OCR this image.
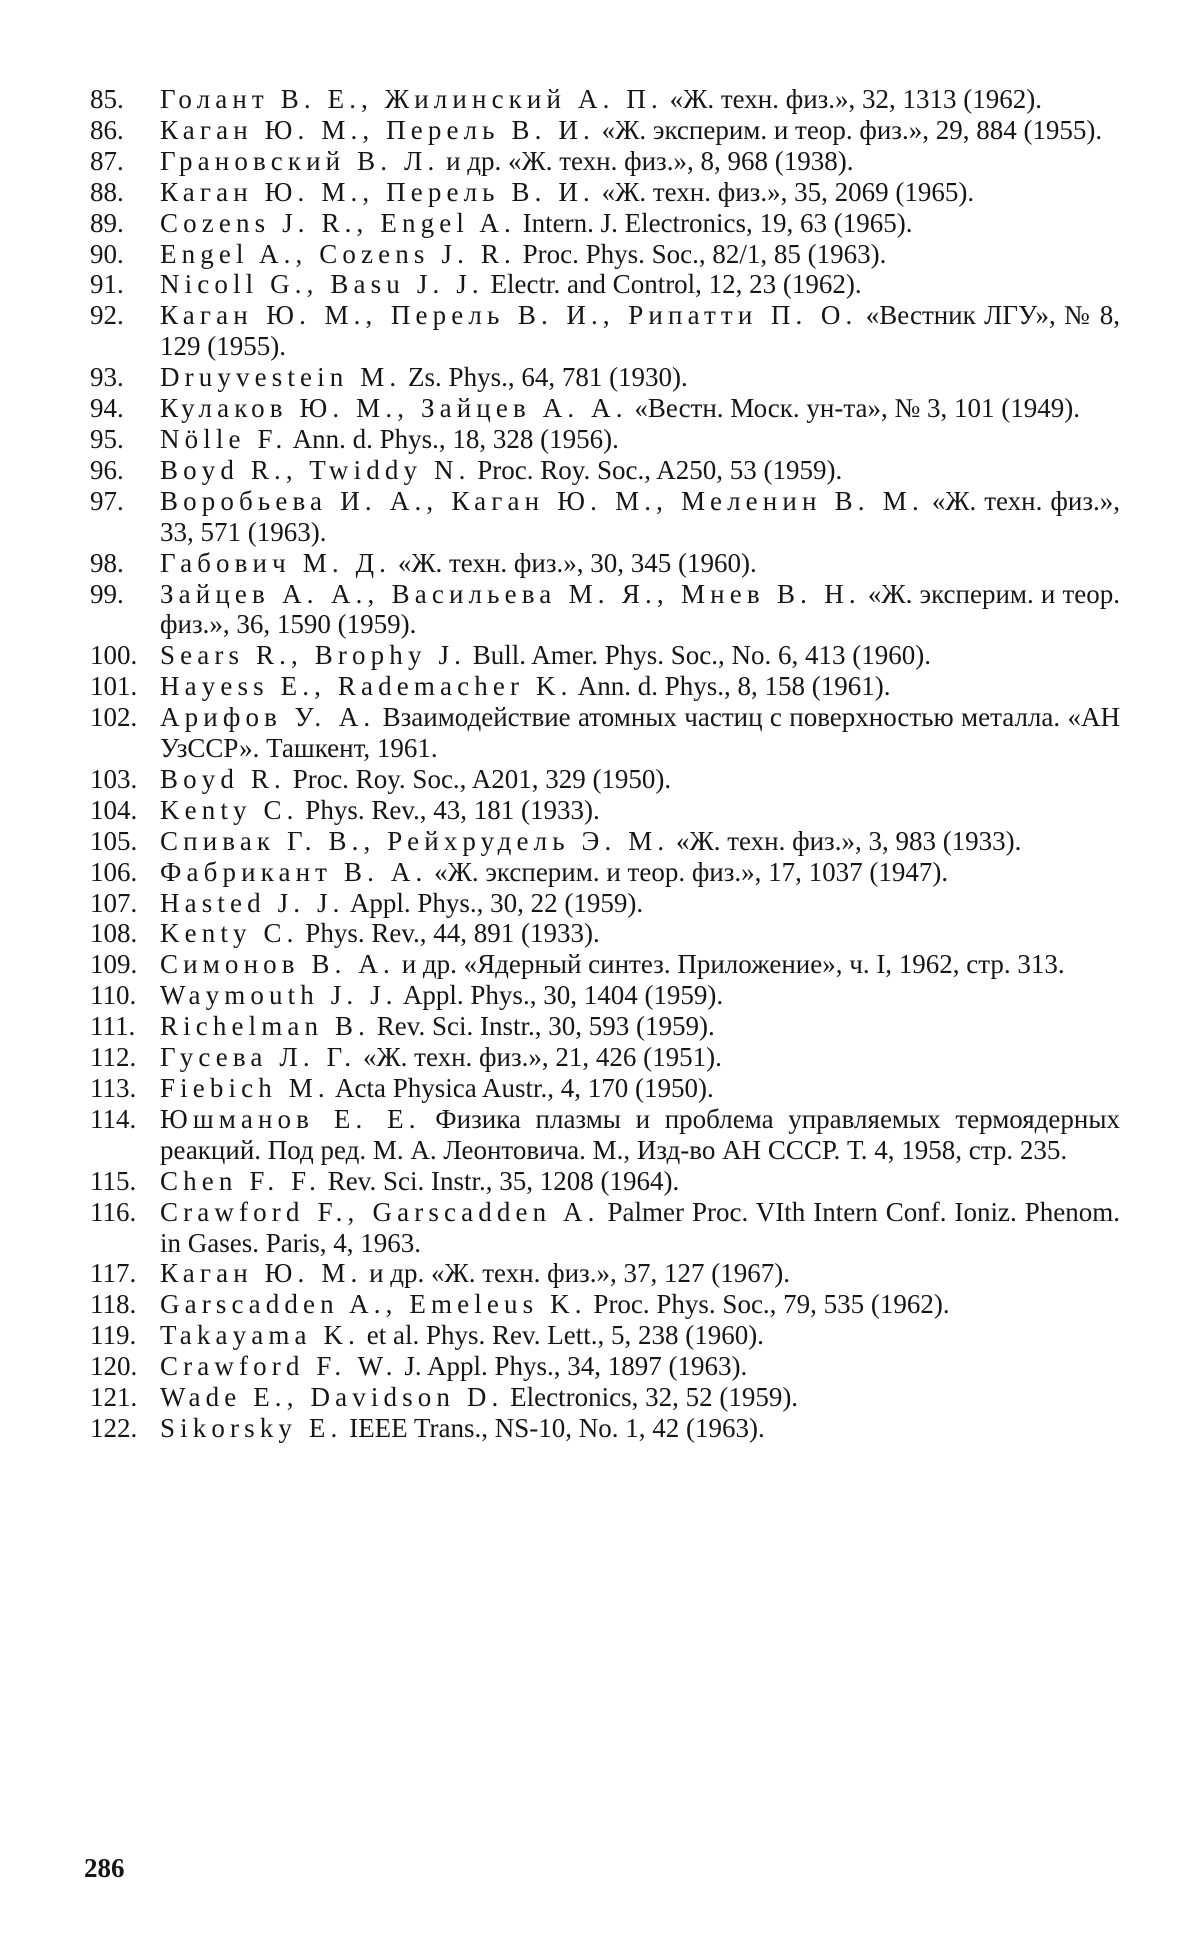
85.	Голант В. Е., Жилинский А. П. «Ж. техн. физ.», 32, 1313 (1962).
86.	Каган Ю. М., Перель В. И. «Ж. эксперим. и теор. физ.», 29, 884 (1955).
87.	Грановский В. Л. и др. «Ж. техн. физ.», 8, 968 (1938).
88.	Каган Ю. М., Перель В. И. «Ж. техн. физ.», 35, 2069 (1965).
89.	Cozens J. R., Engel A. Intern. J. Electronics, 19, 63 (1965).
90.	Engel A., Cozens J. R. Proc. Phys. Soc., 82/1, 85 (1963).
91.	Nicoll G., Basu J. J. Electr. and Control, 12, 23 (1962).
92.	Каган Ю. М., Перель В. И., Рипатти П. О. «Вестник ЛГУ», № 8, 129 (1955).
93.	Druyvestein M. Zs. Phys., 64, 781 (1930).
94.	Кулаков Ю. М., Зайцев А. А. «Вестн. Моск. ун-та», № 3, 101 (1949).
95.	Nölle F. Ann. d. Phys., 18, 328 (1956).
96.	Boyd R., Twiddy N. Proc. Roy. Soc., A250, 53 (1959).
97.	Воробьева И. А., Каган Ю. М., Меленин В. М. «Ж. техн. физ.», 33, 571 (1963).
98.	Габович М. Д. «Ж. техн. физ.», 30, 345 (1960).
99.	Зайцев А. А., Васильева М. Я., Мнев В. Н. «Ж. эксперим. и теор. физ.», 36, 1590 (1959).
100. Sears R., Brophy J. Bull. Amer. Phys. Soc., No. 6, 413 (1960).
101. Hayess E., Rademacher K. Ann. d. Phys., 8, 158 (1961).
102. Арифов У. А. Взаимодействие атомных частиц с поверхностью металла. «АН УзССР». Ташкент, 1961.
103. Boyd R. Proc. Roy. Soc., A201, 329 (1950).
104. Kenty C. Phys. Rev., 43, 181 (1933).
105. Спивак Г. В., Рейхрудель Э. М. «Ж. техн. физ.», 3, 983 (1933).
106. Фабрикант В. А. «Ж. эксперим. и теор. физ.», 17, 1037 (1947).
107. Hasted J. J. Appl. Phys., 30, 22 (1959).
108. Kenty C. Phys. Rev., 44, 891 (1933).
109. Симонов В. А. и др. «Ядерный синтез. Приложение», ч. I, 1962, стр. 313.
110. Waymouth J. J. Appl. Phys., 30, 1404 (1959).
111. Richelman B. Rev. Sci. Instr., 30, 593 (1959).
112. Гусева Л. Г. «Ж. техн. физ.», 21, 426 (1951).
113. Fiebich M. Acta Physica Austr., 4, 170 (1950).
114. Юшманов Е. Е. Физика плазмы и проблема управляемых термоядерных реакций. Под ред. М. А. Леонтовича. М., Изд-во АН СССР. Т. 4, 1958, стр. 235.
115. Chen F. F. Rev. Sci. Instr., 35, 1208 (1964).
116. Crawford F., Garscadden A. Palmer Proc. VIth Intern Conf. Ioniz. Phenom. in Gases. Paris, 4, 1963.
117. Каган Ю. М. и др. «Ж. техн. физ.», 37, 127 (1967).
118. Garscadden A., Emeleus K. Proc. Phys. Soc., 79, 535 (1962).
119. Takayama K. et al. Phys. Rev. Lett., 5, 238 (1960).
120. Crawford F. W. J. Appl. Phys., 34, 1897 (1963).
121. Wade E., Davidson D. Electronics, 32, 52 (1959).
122. Sikorsky E. IEEE Trans., NS-10, No. 1, 42 (1963).
286
